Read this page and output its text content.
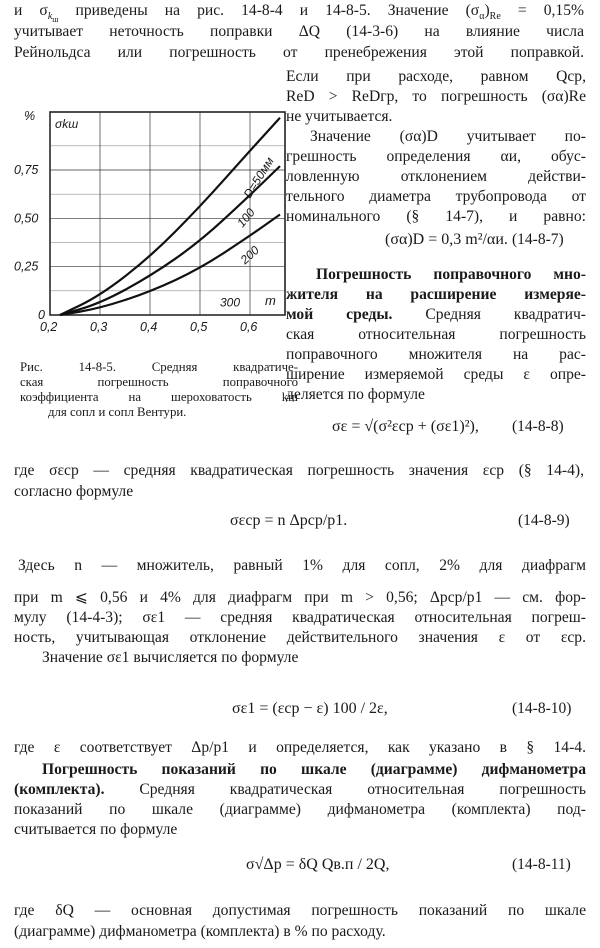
и $\sigma_{k_ш}$ приведены на рис. 14-8-4 и 14-8-5. Значение $(\sigma_\alpha)_{Re} = 0,15\%$
учитывает неточность поправки ΔQ (14-3-6) на влияние числа
Рейнольдса или погрешность от пренебрежения этой поправкой.
0,2	0,3	0,4	0,5	0,6
0
0,25
0,50
0,75
%
σkш
m
D=50мм
100
200
300
Рис. 14-8-5. Средняя квадратиче-
ская погрешность поправочного
коэффициента на шероховатость kш
для сопл и сопл Вентури.
Если при расходе, равном Qср,
ReD > ReDгр, то погрешность (σα)Re
не учитывается.
Значение (σα)D учитывает по-
грешность определения αи, обус-
ловленную отклонением действи-
тельного диаметра трубопровода от
номинального (§ 14-7), и равно:
(σα)D = 0,3 m²/αи. (14-8-7)
Погрешность поправочного мно-
жителя на расширение измеряе-
мой среды. Средняя квадратич-
ская относительная погрешность
поправочного множителя на рас-
ширение измеряемой среды ε опре-
деляется по формуле
σε = √(σ²εср + (σε1)²), (14-8-8)
где σεср — средняя квадратическая погрешность значения εср (§ 14-4),
согласно формуле
σεср = n Δpср/p1.	(14-8-9)
Здесь n — множитель, равный 1% для сопл, 2% для диафрагм
при m ⩽ 0,56 и 4% для диафрагм при m > 0,56; Δpср/p1 — см. фор-
мулу (14-4-3); σε1 — средняя квадратическая относительная погреш-
ность, учитывающая отклонение действительного значения ε от εср.
Значение σε1 вычисляется по формуле
σε1 = (εср − ε) 100 / 2ε,	(14-8-10)
где ε соответствует Δp/p1 и определяется, как указано в § 14-4.
Погрешность показаний по шкале (диаграмме) дифманометра
(комплекта). Средняя квадратическая относительная погрешность
показаний по шкале (диаграмме) дифманометра (комплекта) под-
считывается по формуле
σ√Δp = δQ Qв.п / 2Q,	(14-8-11)
где δQ — основная допустимая погрешность показаний по шкале
(диаграмме) дифманометра (комплекта) в % по расходу.
